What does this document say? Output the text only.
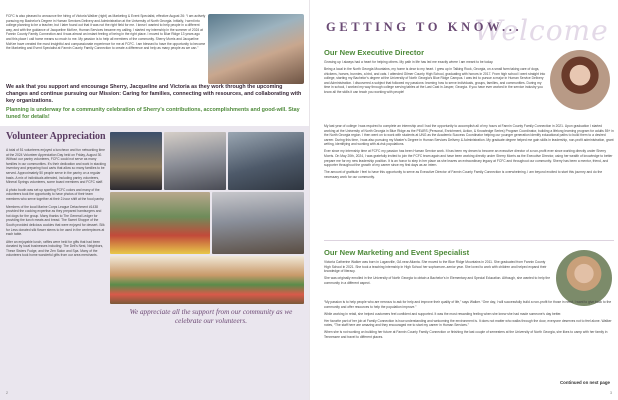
FCFC is also pleased to announce the hiring of Victoria Walker (right) as Marketing & Event Specialist, effective August 26: “I am actively pursuing my Bachelor’s Degree in Human Services Delivery and Administration at the University of North Georgia. Initially, I went into college planning to be a teacher, but I later found out that it was not the right field for me. I knew I wanted to help people in a different way, and with the guidance of Jacqueline McKee, Human Services became my calling. I started my internship in the summer of 2024 at Fannin County Family Connection and it was almost an instant feeling of being in the right place. I moved to Blue Ridge 13 years ago and this place I call home means so much to me. My passion is to help all members of the community. Sherry Morris and Jacqueline McKee have created the most insightful and compassionate experience for me at FCFC. I am blessed to have the opportunity to become the Marketing and Event Specialist at Fannin County Family Connection to create a difference and help as many people as we can.”
We ask that you support and encourage Sherry, Jacqueline and Victoria as they work through the upcoming changes and continue pursuing our Mission: Caring for families, connecting with resources, and collaborating with key organizations.
Planning is underway for a community celebration of Sherry’s contributions, accomplishments and good-will. Stay tuned for details!
Volunteer Appreciation

A total of 51 volunteers enjoyed a luncheon and fun networking time at the 2024 Volunteer Appreciation Day held on Friday, August 30. Without our pantry volunteers, FCFC could not serve as many families in our communities. It’s their dedication and work in stacking inventory and preparing food carts that allow so many families to be served. Approximately 50 people serve in the pantry on a regular basis. A mix of individuals attended, including pantry volunteers, Mineral Springs volunteers, some board members and FCFC staff.

A photo booth was set up sporting FCFC colors and many of the volunteers took the opportunity to have photos of their team members who serve together at their 2-hour shift at the food pantry.

Members of the local Marine Corps League Detachment #1438 provided the cooking expertise as they prepared hamburgers and hot dogs for the group. Many thanks to The General Ledger for providing the lunch meats and bread. The Sweet Shoppe of the South provided delicious cookies that were enjoyed for dessert. Silk for Less donated silk flower stems to be used in the centerpieces at each table.

After an enjoyable lunch, raffles were held for gifts that had been donated by local businesses including: The Deli’s Nest, Neighbors, These Sisters Fudge, and the Zen Salon and Spa. Many of the volunteers took home wonderful gifts from our area merchants.

We appreciate all the support from our community as we celebrate our volunteers.
2
Welcome
GETTING TO KNOW...
Our New Executive Director

Growing up I always had a heart for helping others. My path in life has led me exactly where I am meant to be today.

Being a local in the North Georgia Mountains, my home is dear to my heart. I grew up in Talking Rock, Georgia, on a small farm taking care of dogs, chickens, horses, bunnies, a bird, and cats. I attended Gilmer County High School, graduating with honors in 2017. From high school I went straight into college, starting my Bachelor’s degree at the University of North Georgia’s Blue Ridge Campus. I was led to pursue a major in Human Service Delivery and Administration. I discovered a subject that followed my passions: learning how to serve individuals, groups, families, and communities. During my time in school, I worked my way through college serving tables at the Last Cast in Jasper, Georgia. If you have ever worked in the service industry you know all the skills it can teach you working with people!

My last year of college I was required to complete an internship and I had the opportunity to accomplish all of my hours at Fannin County Family Connection in 2021. Upon graduation I started working at the University of North Georgia in Blue Ridge as the PEARS (Personal, Enrichment, Action, & Knowledge Series) Program Coordinator, building a lifelong learning program for adults 55+ in the North Georgia region. I then went on to work with students at UNG as the Academic Success Coordinator helping our younger generation identify educational paths to build them to a desired career. During this time, I was also pursuing my Master’s Degree in Human Services Delivery & Administration. My graduate degree helped me gain skills in leadership, non-profit administration, grant writing, identifying and working with at-risk populations.

Ever since my internship time at FCFC my passion has been Human Service work. It has been my dream to become an executive director of a non-profit ever since working directly under Sherry Morris. On May 20th, 2024, I was gratefully invited to join the FCFC team again and have been working directly under Sherry Morris as the Executive Director, using her wealth of knowledge to better prepare me for my new leadership position. It is an honor to step in her place as she leaves an extraordinary legacy at FCFC and throughout our community. Sherry has been a mentor, friend, and supporter throughout the growth of my career since my first days as an intern.

The amount of gratitude I feel to have this opportunity to serve as Executive Director of Fannin County Family Connection is overwhelming. I am beyond excited to start this journey and do the necessary work for our community.

Our New Marketing and Event Specialist

Victoria Catherine Walker was born in Loganville, GA near Atlanta. She moved to the Blue Ridge Mountains in 2011. She graduated from Fannin County High School in 2021. She took a teaching internship in High School her sophomore–senior year. She loved to work with children and helped expand their knowledge of literacy.

She was originally enrolled in the University of North Georgia to obtain a Bachelor’s in Elementary and Special Education. Although, she wanted to help the community in a different aspect.

“My passion is to help people who are nervous to ask for help and improve their quality of life,” says Walker. “One day, I will successfully build a non-profit for those in need. I want to give back to the community and offer resources to help the population improve.”

While working in retail, she helped customers feel confident and supported. It was the most rewarding feeling when she knew she had made someone’s day better.

Her favorite part of her job at Family Connection is how understanding and welcoming the environment is. It does not matter who walks through the door, everyone deserves not to feel alone. Walker notes, “The staff here are amazing and they encouraged me to start my career in Human Services.”

When she is not working on building her future at Fannin County Family Connection or finishing the last couple of semesters at the University of North Georgia, she likes to camp with her family in Tennessee and travel to different places.

Continued on next page
3
